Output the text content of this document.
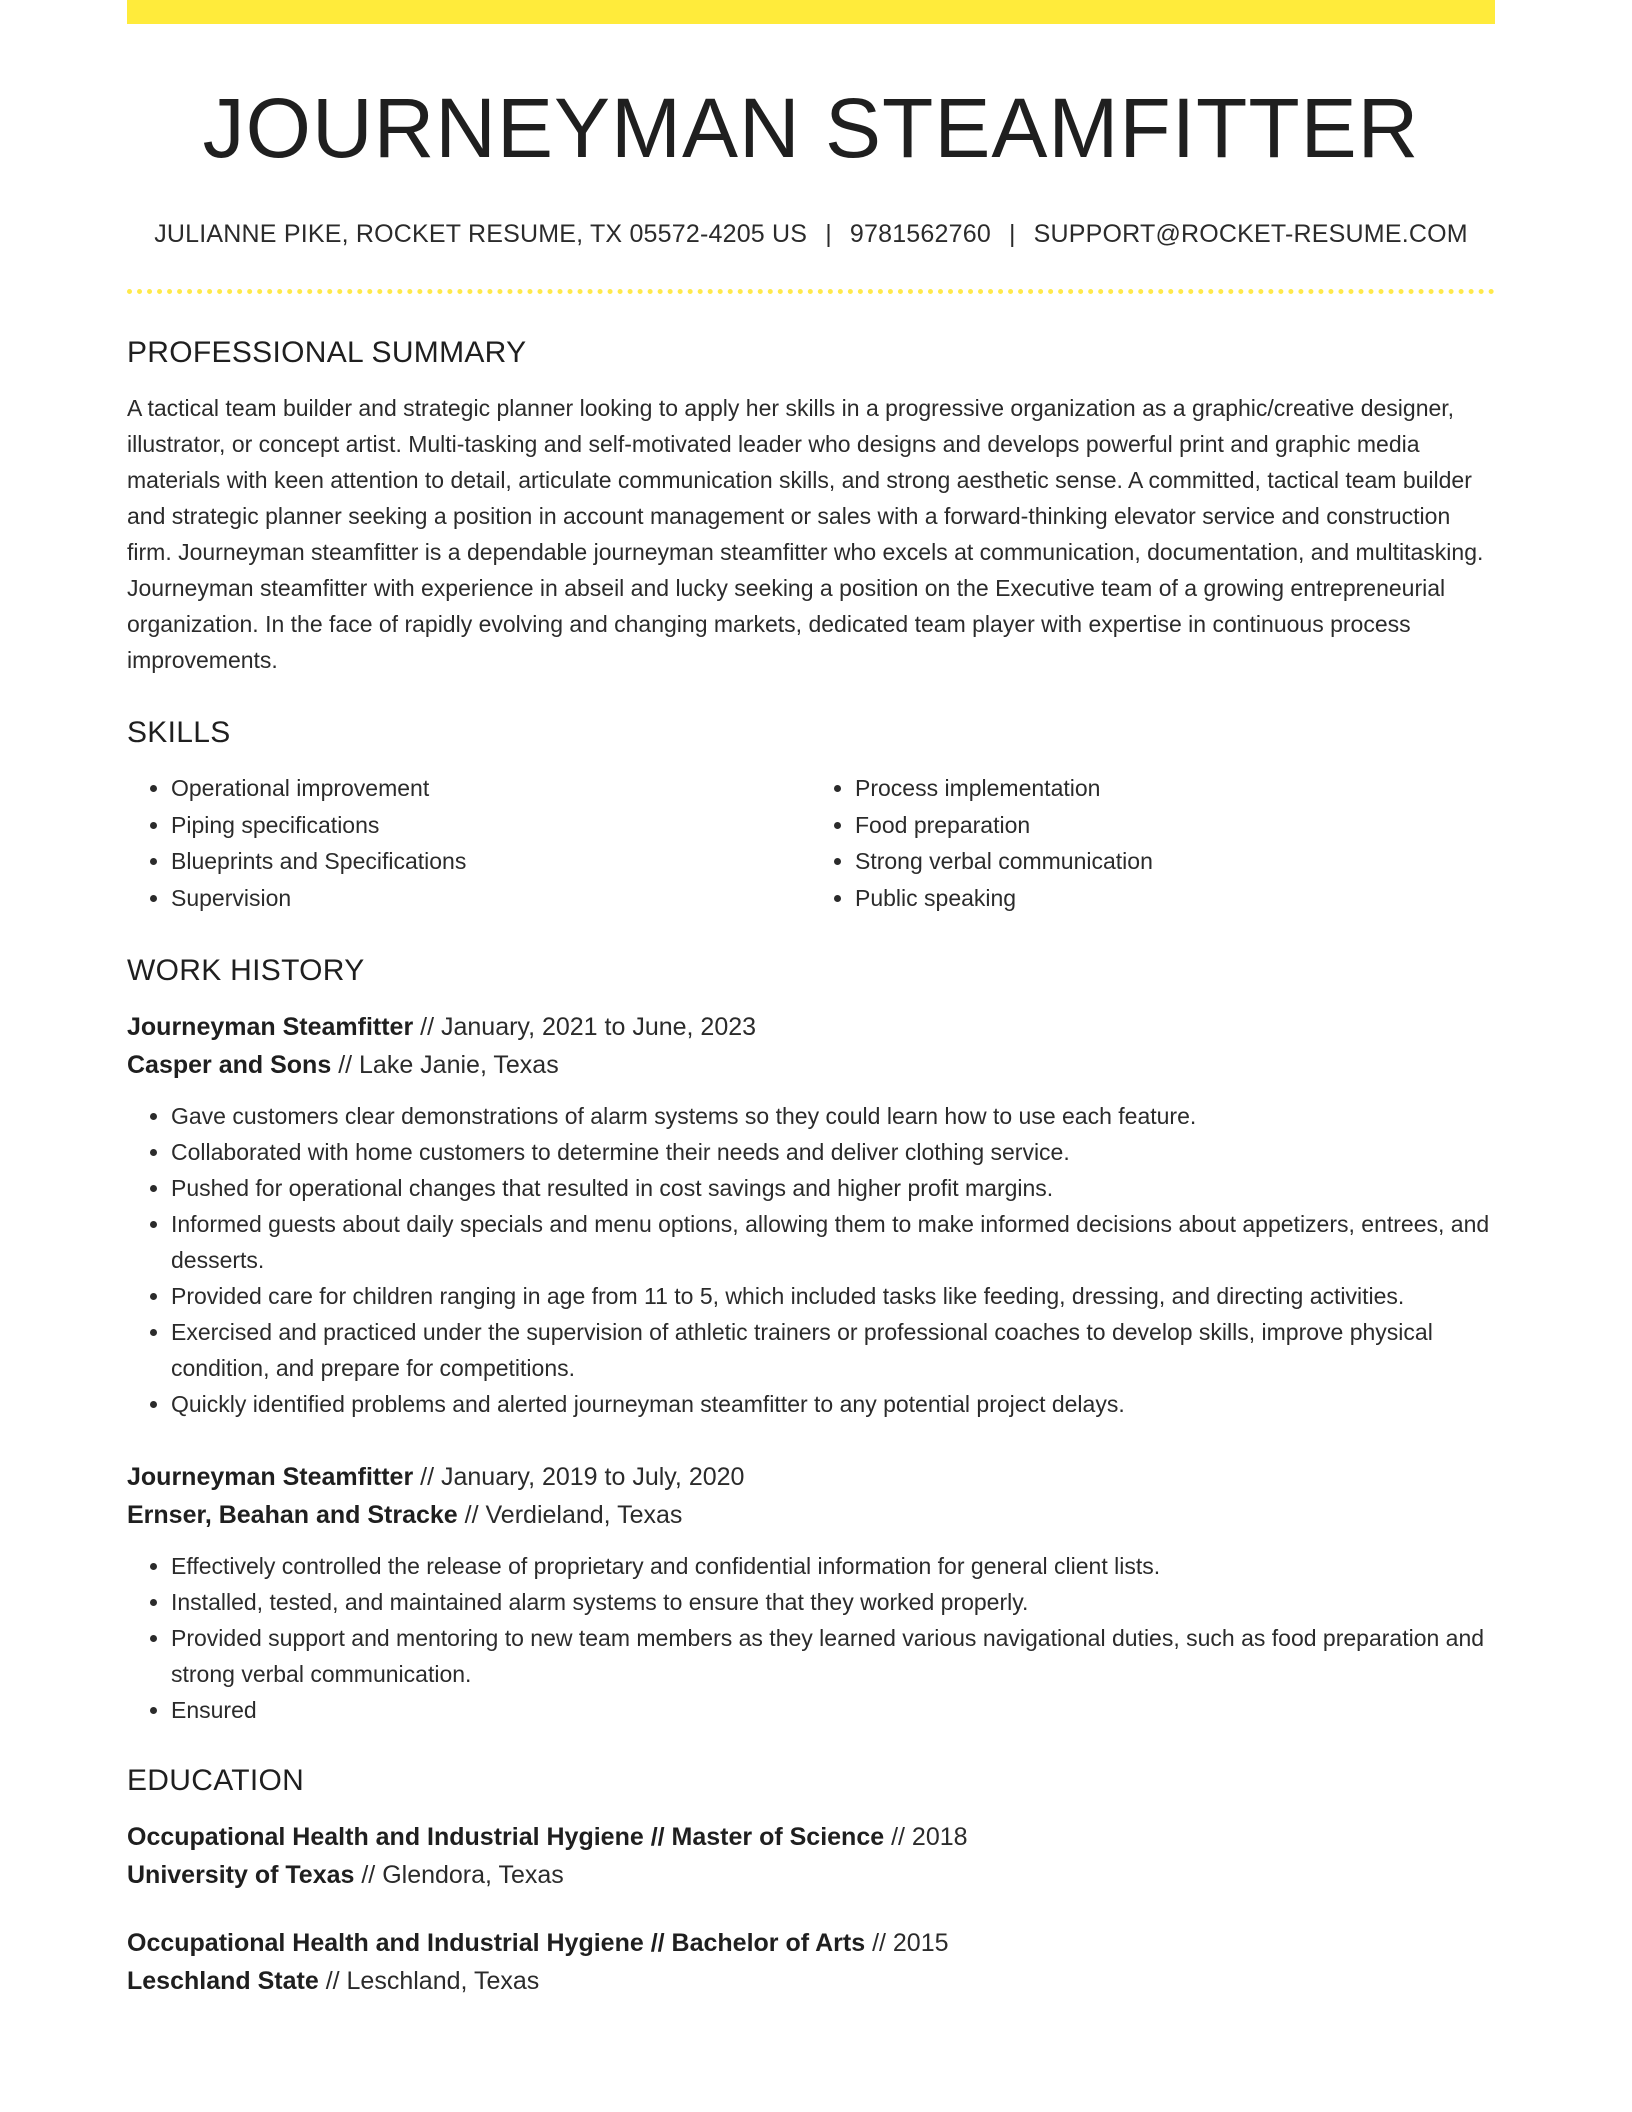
JOURNEYMAN STEAMFITTER
JULIANNE PIKE, ROCKET RESUME, TX 05572-4205 US | 9781562760 | SUPPORT@ROCKET-RESUME.COM
PROFESSIONAL SUMMARY

A tactical team builder and strategic planner looking to apply her skills in a progressive organization as a graphic/creative designer, illustrator, or concept artist. Multi-tasking and self-motivated leader who designs and develops powerful print and graphic media materials with keen attention to detail, articulate communication skills, and strong aesthetic sense. A committed, tactical team builder and strategic planner seeking a position in account management or sales with a forward-thinking elevator service and construction firm. Journeyman steamfitter is a dependable journeyman steamfitter who excels at communication, documentation, and multitasking. Journeyman steamfitter with experience in abseil and lucky seeking a position on the Executive team of a growing entrepreneurial organization. In the face of rapidly evolving and changing markets, dedicated team player with expertise in continuous process improvements.

SKILLS
• Operational improvement
• Piping specifications
• Blueprints and Specifications
• Supervision
• Process implementation
• Food preparation
• Strong verbal communication
• Public speaking
WORK HISTORY
Journeyman Steamfitter // January, 2021 to June, 2023
Casper and Sons // Lake Janie, Texas
• Gave customers clear demonstrations of alarm systems so they could learn how to use each feature.
• Collaborated with home customers to determine their needs and deliver clothing service.
• Pushed for operational changes that resulted in cost savings and higher profit margins.
• Informed guests about daily specials and menu options, allowing them to make informed decisions about appetizers, entrees, and desserts.
• Provided care for children ranging in age from 11 to 5, which included tasks like feeding, dressing, and directing activities.
• Exercised and practiced under the supervision of athletic trainers or professional coaches to develop skills, improve physical condition, and prepare for competitions.
• Quickly identified problems and alerted journeyman steamfitter to any potential project delays.
Journeyman Steamfitter // January, 2019 to July, 2020
Ernser, Beahan and Stracke // Verdieland, Texas
• Effectively controlled the release of proprietary and confidential information for general client lists.
• Installed, tested, and maintained alarm systems to ensure that they worked properly.
• Provided support and mentoring to new team members as they learned various navigational duties, such as food preparation and strong verbal communication.
• Ensured
EDUCATION
Occupational Health and Industrial Hygiene // Master of Science // 2018
University of Texas // Glendora, Texas
Occupational Health and Industrial Hygiene // Bachelor of Arts // 2015
Leschland State // Leschland, Texas
